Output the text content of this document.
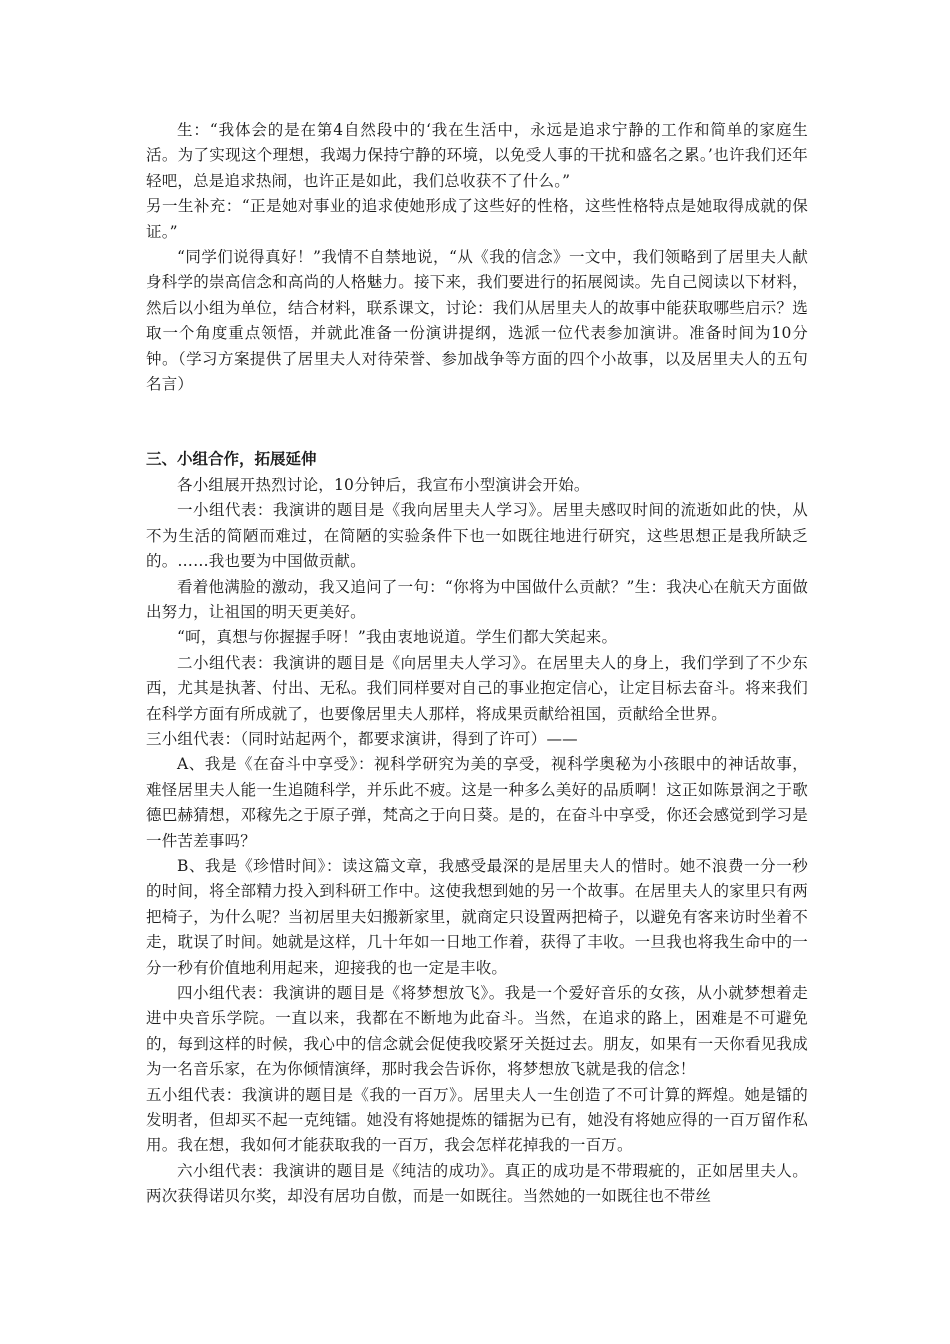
生：“我体会的是在第4自然段中的‘我在生活中，永远是追求宁静的工作和简单的家庭生活。为了实现这个理想，我竭力保持宁静的环境，以免受人事的干扰和盛名之累。’也许我们还年轻吧，总是追求热闹，也许正是如此，我们总收获不了什么。”

另一生补充：“正是她对事业的追求使她形成了这些好的性格，这些性格特点是她取得成就的保证。”

“同学们说得真好！”我情不自禁地说，“从《我的信念》一文中，我们领略到了居里夫人献身科学的崇高信念和高尚的人格魅力。接下来，我们要进行的拓展阅读。先自己阅读以下材料，然后以小组为单位，结合材料，联系课文，讨论：我们从居里夫人的故事中能获取哪些启示？选取一个角度重点领悟，并就此准备一份演讲提纲，选派一位代表参加演讲。准备时间为10分钟。（学习方案提供了居里夫人对待荣誉、参加战争等方面的四个小故事，以及居里夫人的五句名言）

三、小组合作，拓展延伸

各小组展开热烈讨论，10分钟后，我宣布小型演讲会开始。

一小组代表：我演讲的题目是《我向居里夫人学习》。居里夫感叹时间的流逝如此的快，从不为生活的简陋而难过，在简陋的实验条件下也一如既往地进行研究，这些思想正是我所缺乏的。……我也要为中国做贡献。

看着他满脸的激动，我又追问了一句：“你将为中国做什么贡献？”生：我决心在航天方面做出努力，让祖国的明天更美好。

“呵，真想与你握握手呀！”我由衷地说道。学生们都大笑起来。

二小组代表：我演讲的题目是《向居里夫人学习》。在居里夫人的身上，我们学到了不少东西，尤其是执著、付出、无私。我们同样要对自己的事业抱定信心，让定目标去奋斗。将来我们在科学方面有所成就了，也要像居里夫人那样，将成果贡献给祖国，贡献给全世界。

三小组代表：（同时站起两个，都要求演讲，得到了许可）——

A、我是《在奋斗中享受》：视科学研究为美的享受，视科学奥秘为小孩眼中的神话故事，难怪居里夫人能一生追随科学，并乐此不疲。这是一种多么美好的品质啊！这正如陈景润之于歌德巴赫猜想，邓稼先之于原子弹，梵高之于向日葵。是的，在奋斗中享受，你还会感觉到学习是一件苦差事吗？

B、我是《珍惜时间》：读这篇文章，我感受最深的是居里夫人的惜时。她不浪费一分一秒的时间，将全部精力投入到科研工作中。这使我想到她的另一个故事。在居里夫人的家里只有两把椅子，为什么呢？当初居里夫妇搬新家里，就商定只设置两把椅子，以避免有客来访时坐着不走，耽误了时间。她就是这样，几十年如一日地工作着，获得了丰收。一旦我也将我生命中的一分一秒有价值地利用起来，迎接我的也一定是丰收。

四小组代表：我演讲的题目是《将梦想放飞》。我是一个爱好音乐的女孩，从小就梦想着走进中央音乐学院。一直以来，我都在不断地为此奋斗。当然，在追求的路上，困难是不可避免的，每到这样的时候，我心中的信念就会促使我咬紧牙关挺过去。朋友，如果有一天你看见我成为一名音乐家，在为你倾情演绎，那时我会告诉你，将梦想放飞就是我的信念！

五小组代表：我演讲的题目是《我的一百万》。居里夫人一生创造了不可计算的辉煌。她是镭的发明者，但却买不起一克纯镭。她没有将她提炼的镭据为已有，她没有将她应得的一百万留作私用。我在想，我如何才能获取我的一百万，我会怎样花掉我的一百万。

六小组代表：我演讲的题目是《纯洁的成功》。真正的成功是不带瑕疵的，正如居里夫人。两次获得诺贝尔奖，却没有居功自傲，而是一如既往。当然她的一如既往也不带丝
